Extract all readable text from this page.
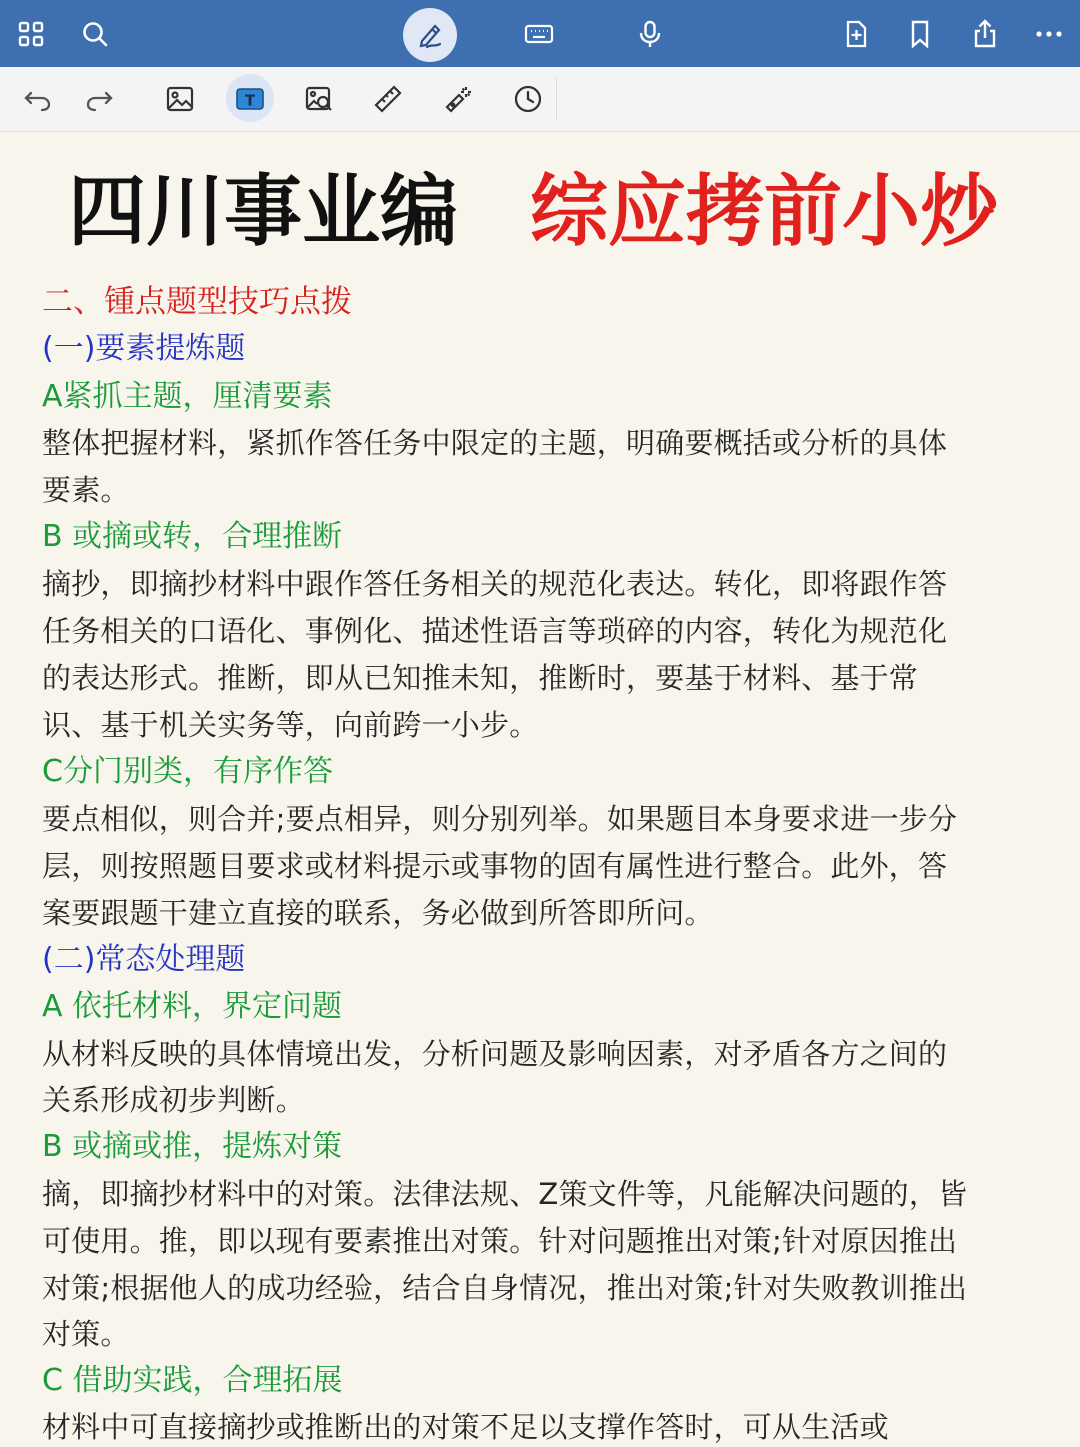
T
四川事业编 综应拷前小炒
二、锺点题型技巧点拨
(一)要素提炼题
A紧抓主题，厘清要素
整体把握材料，紧抓作答任务中限定的主题，明确要概括或分析的具体
要素。
B 或摘或转，合理推断
摘抄，即摘抄材料中跟作答任务相关的规范化表达。转化，即将跟作答
任务相关的口语化、事例化、描述性语言等琐碎的内容，转化为规范化
的表达形式。推断，即从已知推未知，推断时，要基于材料、基于常
识、基于机关实务等，向前跨一小步。
C分门别类，有序作答
要点相似，则合并;要点相异，则分别列举。如果题目本身要求进一步分
层，则按照题目要求或材料提示或事物的固有属性进行整合。此外，答
案要跟题干建立直接的联系，务必做到所答即所问。
(二)常态处理题
A 依托材料，界定问题
从材料反映的具体情境出发，分析问题及影响因素，对矛盾各方之间的
关系形成初步判断。
B 或摘或推，提炼对策
摘，即摘抄材料中的对策。法律法规、Z策文件等，凡能解决问题的，皆
可使用。推，即以现有要素推出对策。针对问题推出对策;针对原因推出
对策;根据他人的成功经验，结合自身情况，推出对策;针对失败教训推出
对策。
C 借助实践，合理拓展
材料中可直接摘抄或推断出的对策不足以支撑作答时，可从生活或
